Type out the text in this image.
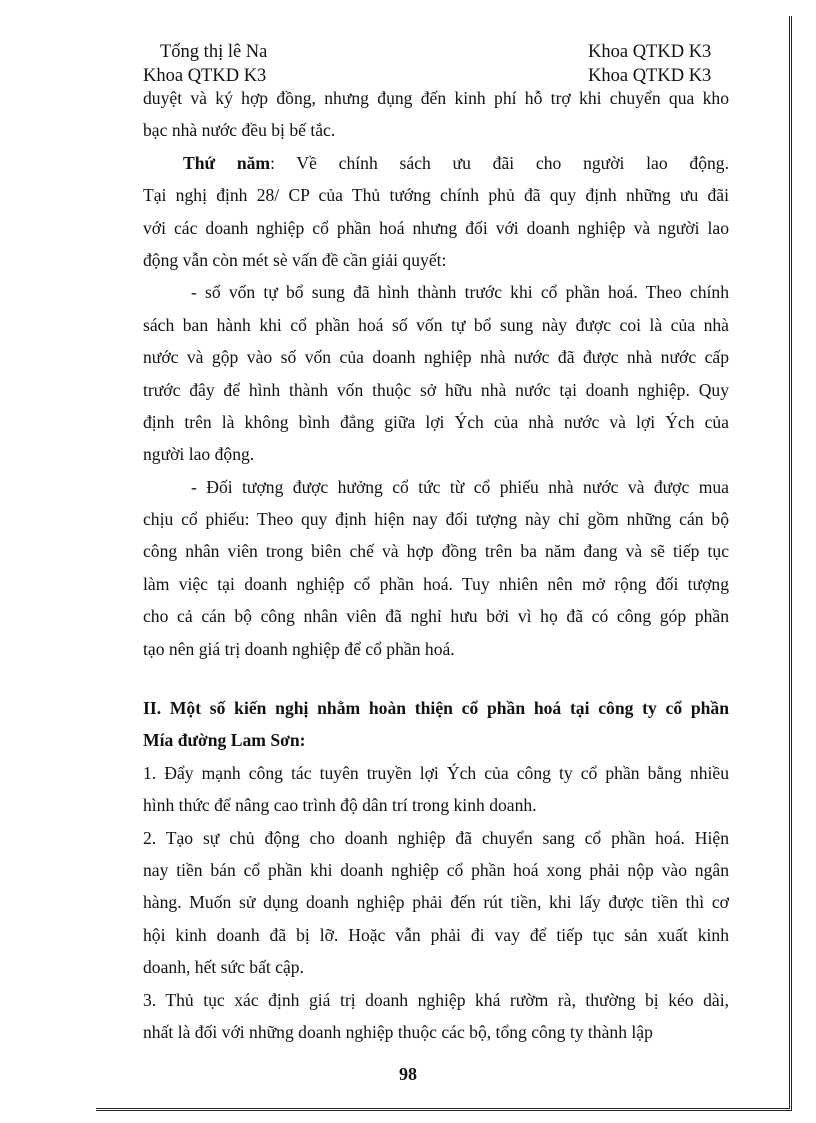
Tống thị lê Na	Khoa QTKD K3
Khoa QTKD K3	Khoa QTKD K3
duyệt và ký hợp đồng, nhưng đụng đến kinh phí hỗ trợ khi chuyển qua kho
bạc nhà nước đều bị bế tắc.
Thứ năm: Về chính sách ưu đãi cho người lao động.
Tại nghị định 28/ CP của Thủ tướng chính phủ đã quy định những ưu đãi
với các doanh nghiệp cổ phần hoá nhưng đối với doanh nghiệp và người lao
động vẫn còn mét sè vấn đề cần giải quyết:
- số vốn tự bổ sung đã hình thành trước khi cổ phần hoá. Theo chính
sách ban hành khi cổ phần hoá số vốn tự bổ sung này được coi là của nhà
nước và gộp vào số vốn của doanh nghiệp nhà nước đã được nhà nước cấp
trước đây để hình thành vốn thuộc sở hữu nhà nước tại doanh nghiệp. Quy
định trên là không bình đẳng giữa lợi Ých của nhà nước và lợi Ých của
người lao động.
- Đối tượng được hưởng cổ tức từ cổ phiếu nhà nước và được mua
chịu cổ phiếu: Theo quy định hiện nay đối tượng này chỉ gồm những cán bộ
công nhân viên trong biên chế và hợp đồng trên ba năm đang và sẽ tiếp tục
làm việc tại doanh nghiệp cổ phần hoá. Tuy nhiên nên mở rộng đối tượng
cho cả cán bộ công nhân viên đã nghỉ hưu bởi vì họ đã có công góp phần
tạo nên giá trị doanh nghiệp để cổ phần hoá.
II. Một số kiến nghị nhằm hoàn thiện cổ phần hoá tại công ty cổ phần
Mía đường Lam Sơn:
1. Đẩy mạnh công tác tuyên truyền lợi Ých của công ty cổ phần bằng nhiều
hình thức để nâng cao trình độ dân trí trong kinh doanh.
2. Tạo sự chủ động cho doanh nghiệp đã chuyển sang cổ phần hoá. Hiện
nay tiền bán cổ phần khi doanh nghiệp cổ phần hoá xong phải nộp vào ngân
hàng. Muốn sử dụng doanh nghiệp phải đến rút tiền, khi lấy được tiền thì cơ
hội kinh doanh đã bị lỡ. Hoặc vẫn phải đi vay để tiếp tục sản xuất kinh
doanh, hết sức bất cập.
3. Thủ tục xác định giá trị doanh nghiệp khá rườm rà, thường bị kéo dài,
nhất là đối với những doanh nghiệp thuộc các bộ, tổng công ty thành lập
98
